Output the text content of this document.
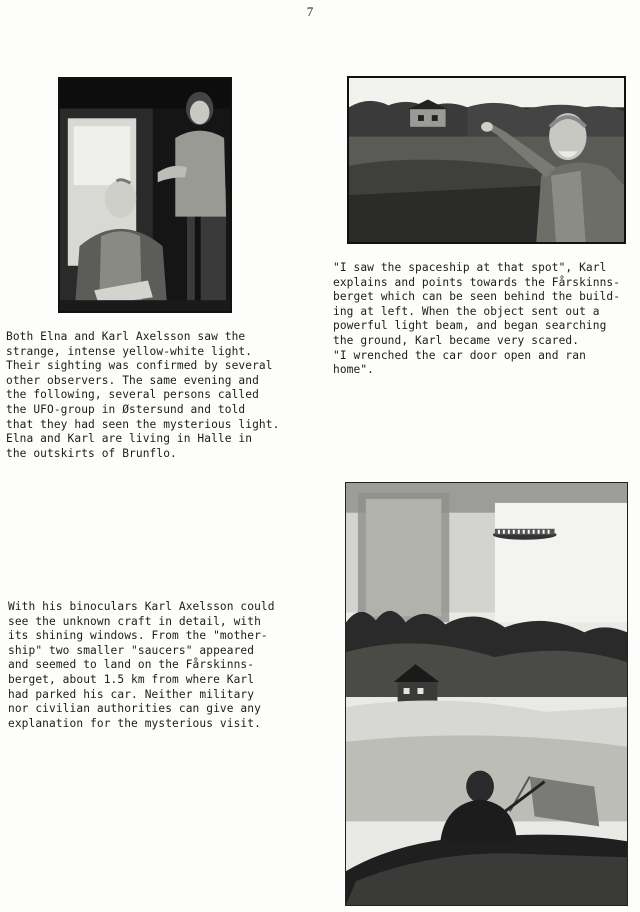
7
Both Elna and Karl Axelsson saw the
strange, intense yellow-white light.
Their sighting was confirmed by several
other observers. The same evening and
the following, several persons called
the UFO-group in Østersund and told
that they had seen the mysterious light.
Elna and Karl are living in Halle in
the outskirts of Brunflo.
"I saw the spaceship at that spot", Karl
explains and points towards the Fårskinns-
berget which can be seen behind the build-
ing at left. When the object sent out a
powerful light beam, and began searching
the ground, Karl became very scared.
"I wrenched the car door open and ran
home".
With his binoculars Karl Axelsson could
see the unknown craft in detail, with
its shining windows. From the "mother-
ship" two smaller "saucers" appeared
and seemed to land on the Fårskinns-
berget, about 1.5 km from where Karl
had parked his car. Neither military
nor civilian authorities can give any
explanation for the mysterious visit.
